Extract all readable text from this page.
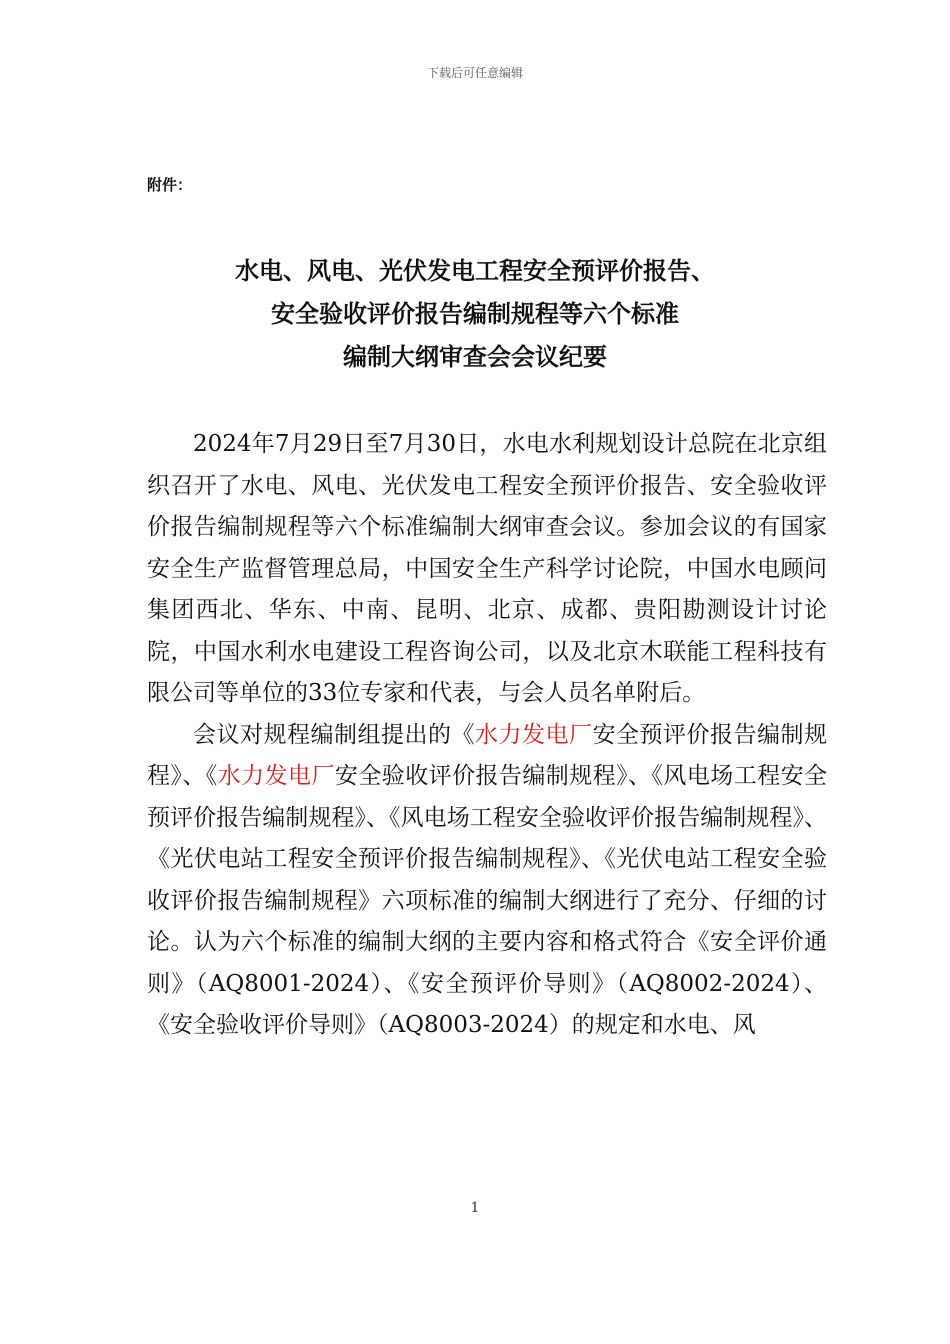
下载后可任意编辑
附件：
水电、风电、光伏发电工程安全预评价报告、
安全验收评价报告编制规程等六个标准
编制大纲审查会会议纪要

2024年7月29日至7月30日，水电水利规划设计总院在北京组织召开了水电、风电、光伏发电工程安全预评价报告、安全验收评价报告编制规程等六个标准编制大纲审查会议。参加会议的有国家安全生产监督管理总局，中国安全生产科学讨论院，中国水电顾问集团西北、华东、中南、昆明、北京、成都、贵阳勘测设计讨论院，中国水利水电建设工程咨询公司，以及北京木联能工程科技有限公司等单位的33位专家和代表，与会人员名单附后。

会议对规程编制组提出的《水力发电厂安全预评价报告编制规程》、《水力发电厂安全验收评价报告编制规程》、《风电场工程安全预评价报告编制规程》、《风电场工程安全验收评价报告编制规程》、《光伏电站工程安全预评价报告编制规程》、《光伏电站工程安全验收评价报告编制规程》六项标准的编制大纲进行了充分、仔细的讨论。认为六个标准的编制大纲的主要内容和格式符合《安全评价通则》（AQ8001-2024）、《安全预评价导则》（AQ8002-2024）、《安全验收评价导则》（AQ8003-2024）的规定和水电、风

1
